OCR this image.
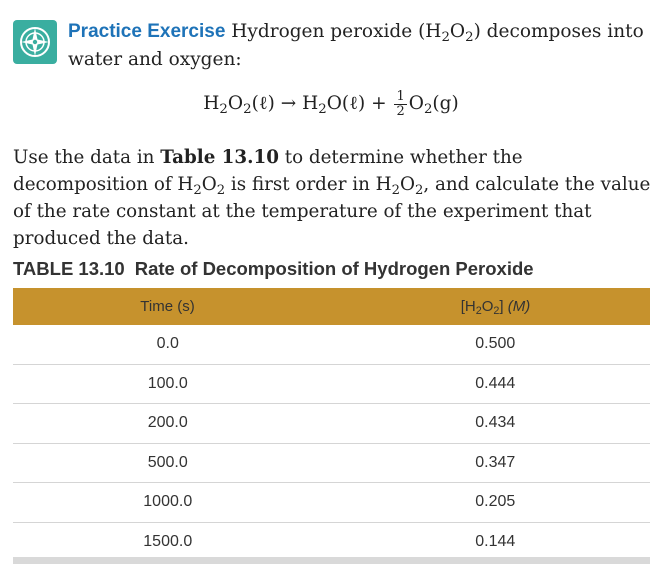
Practice Exercise Hydrogen peroxide $(H_2O_2)$ decomposes into water and oxygen:
$H_2O_2(\ell)$ → $H_2O(\ell) + \frac{1}{2} O_2(g)$
Use the data in Table 13.10 to determine whether the decomposition of $H_2O_2$ is first order in $H_2O_2$, and calculate the value of the rate constant at the temperature of the experiment that produced the data.
TABLE 13.10 Rate of Decomposition of Hydrogen Peroxide
Time (s)	$[H_2O_2]$ (M)
0.0	0.500
100.0	0.444
200.0	0.434
500.0	0.347
1000.0	0.205
1500.0	0.144
